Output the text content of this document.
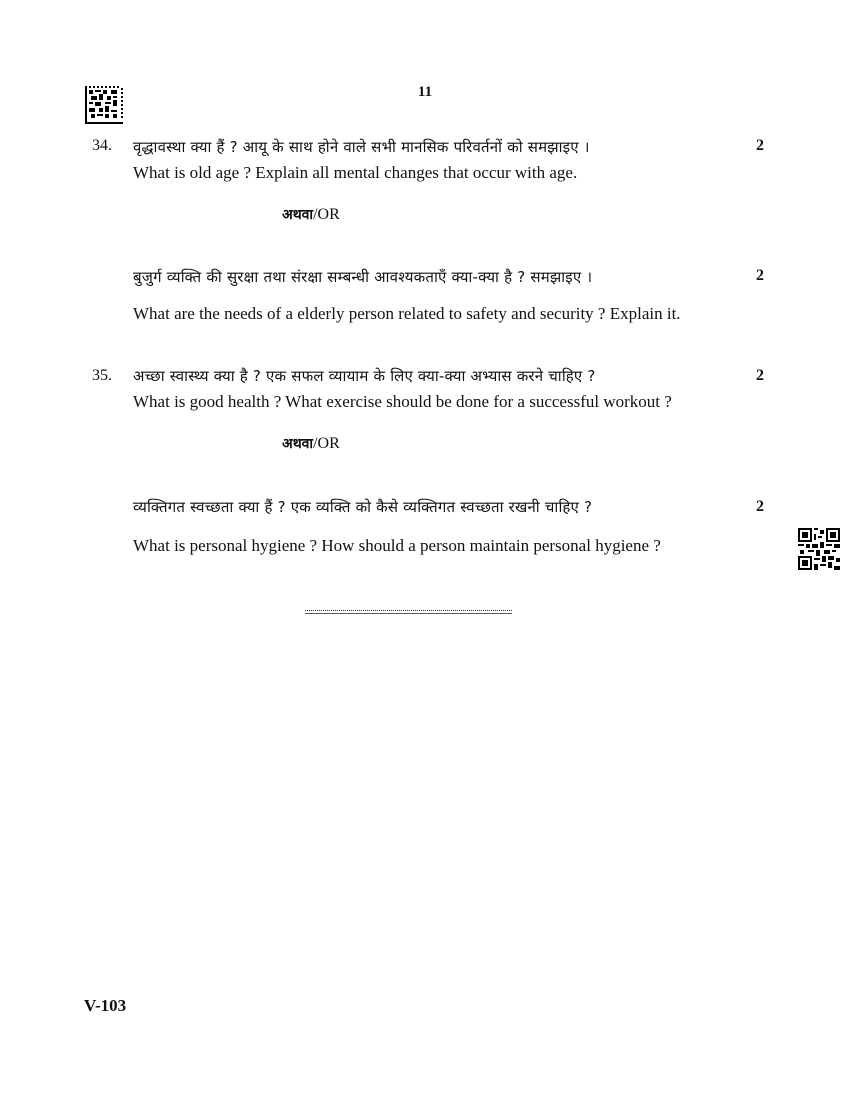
11
34. वृद्धावस्था क्या हैं ? आयू के साथ होने वाले सभी मानसिक परिवर्तनों को समझाइए ।	2
What is old age ? Explain all mental changes that occur with age.
अथवा/OR
बुजुर्ग व्यक्ति की सुरक्षा तथा संरक्षा सम्बन्धी आवश्यकताएँ क्या-क्या है ? समझाइए ।	2
What are the needs of a elderly person related to safety and security ? Explain it.
35. अच्छा स्वास्थ्य क्या है ? एक सफल व्यायाम के लिए क्या-क्या अभ्यास करने चाहिए ?	2
What is good health ? What exercise should be done for a successful workout ?
अथवा/OR
व्यक्तिगत स्वच्छता क्या हैं ? एक व्यक्ति को कैसे व्यक्तिगत स्वच्छता रखनी चाहिए ?	2
What is personal hygiene ? How should a person maintain personal hygiene ?
V-103
